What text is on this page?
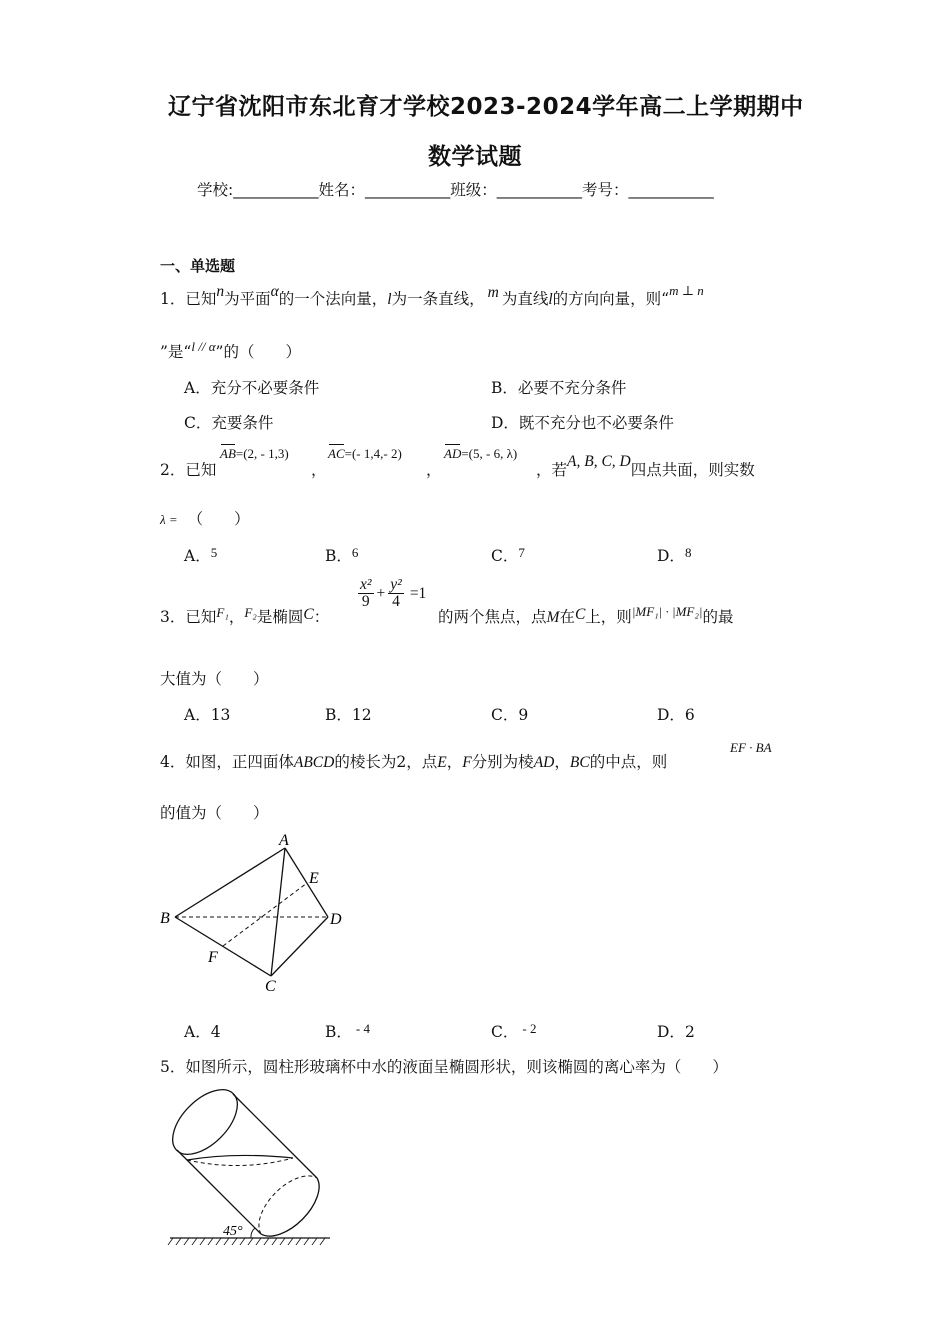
辽宁省沈阳市东北育才学校2023-2024学年高二上学期期中
数学试题
学校:___________姓名：___________班级：___________考号：___________
一、单选题
1．已知n为平面α的一个法向量，l为一条直线， m 为直线l的方向向量，则“$^{m \perp n}$
”是“$^{l // \alpha}$”的（　　）
A．充分不必要条件	B．必要不充分条件
C．充要条件	D．既不充分也不必要条件
2．已知
AB=(2, - 1,3)
，
AC=(- 1,4,- 2)
，
AD=(5, - 6, λ)
，若A, B, C, D四点共面，则实数
λ = （　　）
A．$^5$	B．$^6$	C．$^7$	D．$^8$
3．已知$^{F_1}$，$^{F_2}$是椭圆C：
$\frac{\text{x²}}{9} + \frac{\text{y²}}{4} =1$
的两个焦点，点M在C上，则$^{|MF_1| \cdot |MF_2|}$的最
大值为（　　）
A．13	B．12	C．9	D．6
4．如图，正四面体ABCD的棱长为2，点E，F分别为棱AD，BC的中点，则
EF · BA
的值为（　　）
A
B
C
D
E
F
A．4	B． $^{- 4}$	C． $^{- 2}$	D．2
5．如图所示，圆柱形玻璃杯中水的液面呈椭圆形状，则该椭圆的离心率为（　　）
45°
